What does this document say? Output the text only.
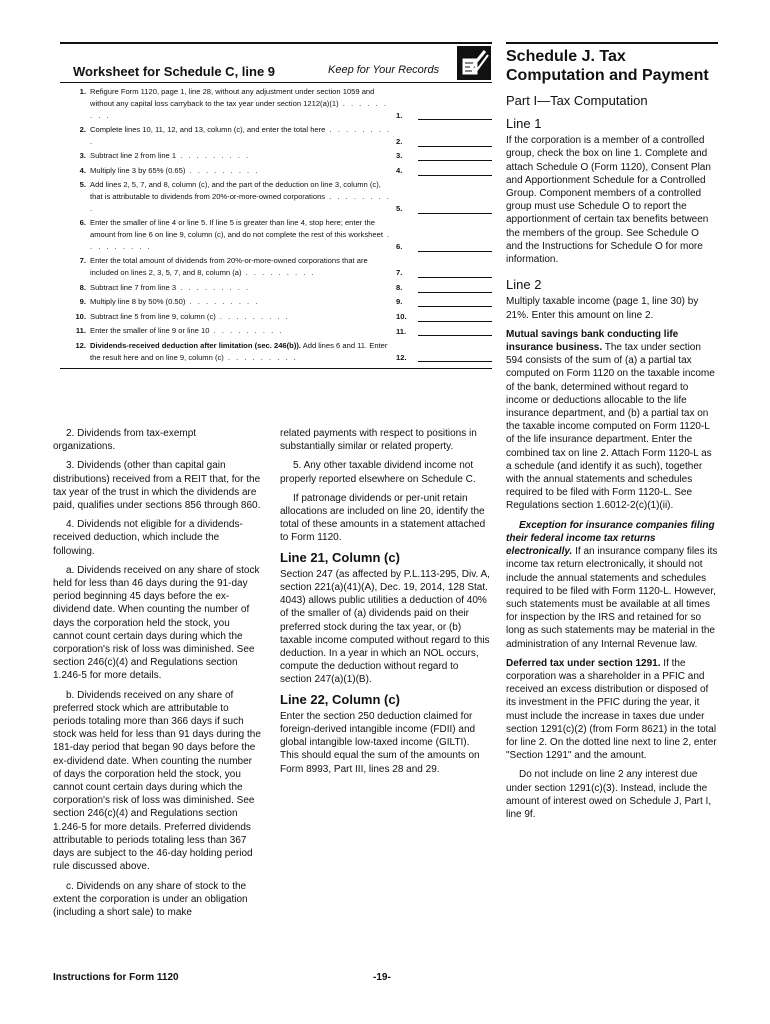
Worksheet for Schedule C, line 9	Keep for Your Records
1. Refigure Form 1120, page 1, line 28, without any adjustment under section 1059 and without any capital loss carryback to the tax year under section 1212(a)(1) . . . . . . . . .	1.
2. Complete lines 10, 11, 12, and 13, column (c), and enter the total here . . . . . . . . .	2.
3. Subtract line 2 from line 1 . . . . . . . . .	3.
4. Multiply line 3 by 65% (0.65) . . . . . . . . .	4.
5. Add lines 2, 5, 7, and 8, column (c), and the part of the deduction on line 3, column (c), that is attributable to dividends from 20%-or-more-owned corporations . . . . . . . . .	5.
6. Enter the smaller of line 4 or line 5. If line 5 is greater than line 4, stop here; enter the amount from line 6 on line 9, column (c), and do not complete the rest of this worksheet . . . . . . . . .	6.
7. Enter the total amount of dividends from 20%-or-more-owned corporations that are included on lines 2, 3, 5, 7, and 8, column (a) . . . . . . . . .	7.
8. Subtract line 7 from line 3 . . . . . . . . .	8.
9. Multiply line 8 by 50% (0.50) . . . . . . . . .	9.
10. Subtract line 5 from line 9, column (c) . . . . . . . . .	10.
11. Enter the smaller of line 9 or line 10 . . . . . . . . .	11.
12. Dividends-received deduction after limitation (sec. 246(b)). Add lines 6 and 11. Enter the result here and on line 9, column (c) . . . . . . . . .	12.

2. Dividends from tax-exempt organizations.

3. Dividends (other than capital gain distributions) received from a REIT that, for the tax year of the trust in which the dividends are paid, qualifies under sections 856 through 860.

4. Dividends not eligible for a dividends-received deduction, which include the following.

a. Dividends received on any share of stock held for less than 46 days during the 91-day period beginning 45 days before the ex-dividend date. When counting the number of days the corporation held the stock, you cannot count certain days during which the corporation's risk of loss was diminished. See section 246(c)(4) and Regulations section 1.246-5 for more details.

b. Dividends received on any share of preferred stock which are attributable to periods totaling more than 366 days if such stock was held for less than 91 days during the 181-day period that began 90 days before the ex-dividend date. When counting the number of days the corporation held the stock, you cannot count certain days during which the corporation's risk of loss was diminished. See section 246(c)(4) and Regulations section 1.246-5 for more details. Preferred dividends attributable to periods totaling less than 367 days are subject to the 46-day holding period rule discussed above.

c. Dividends on any share of stock to the extent the corporation is under an obligation (including a short sale) to make

related payments with respect to positions in substantially similar or related property.

5. Any other taxable dividend income not properly reported elsewhere on Schedule C.

If patronage dividends or per-unit retain allocations are included on line 20, identify the total of these amounts in a statement attached to Form 1120.

Line 21, Column (c)

Section 247 (as affected by P.L.113-295, Div. A, section 221(a)(41)(A), Dec. 19, 2014, 128 Stat. 4043) allows public utilities a deduction of 40% of the smaller of (a) dividends paid on their preferred stock during the tax year, or (b) taxable income computed without regard to this deduction. In a year in which an NOL occurs, compute the deduction without regard to section 247(a)(1)(B).

Line 22, Column (c)

Enter the section 250 deduction claimed for foreign-derived intangible income (FDII) and global intangible low-taxed income (GILTI). This should equal the sum of the amounts on Form 8993, Part III, lines 28 and 29.

Schedule J. Tax Computation and Payment
Part I—Tax Computation
Line 1

If the corporation is a member of a controlled group, check the box on line 1. Complete and attach Schedule O (Form 1120), Consent Plan and Apportionment Schedule for a Controlled Group. Component members of a controlled group must use Schedule O to report the apportionment of certain tax benefits between the members of the group. See Schedule O and the Instructions for Schedule O for more information.

Line 2

Multiply taxable income (page 1, line 30) by 21%. Enter this amount on line 2.

Mutual savings bank conducting life insurance business. The tax under section 594 consists of the sum of (a) a partial tax computed on Form 1120 on the taxable income of the bank, determined without regard to income or deductions allocable to the life insurance department, and (b) a partial tax on the taxable income computed on Form 1120-L of the life insurance department. Enter the combined tax on line 2. Attach Form 1120-L as a schedule (and identify it as such), together with the annual statements and schedules required to be filed with Form 1120-L. See Regulations section 1.6012-2(c)(1)(ii).

Exception for insurance companies filing their federal income tax returns electronically. If an insurance company files its income tax return electronically, it should not include the annual statements and schedules required to be filed with Form 1120-L. However, such statements must be available at all times for inspection by the IRS and retained for so long as such statements may be material in the administration of any Internal Revenue law.

Deferred tax under section 1291. If the corporation was a shareholder in a PFIC and received an excess distribution or disposed of its investment in the PFIC during the year, it must include the increase in taxes due under section 1291(c)(2) (from Form 8621) in the total for line 2. On the dotted line next to line 2, enter "Section 1291" and the amount.

Do not include on line 2 any interest due under section 1291(c)(3). Instead, include the amount of interest owed on Schedule J, Part I, line 9f.

Instructions for Form 1120	-19-
